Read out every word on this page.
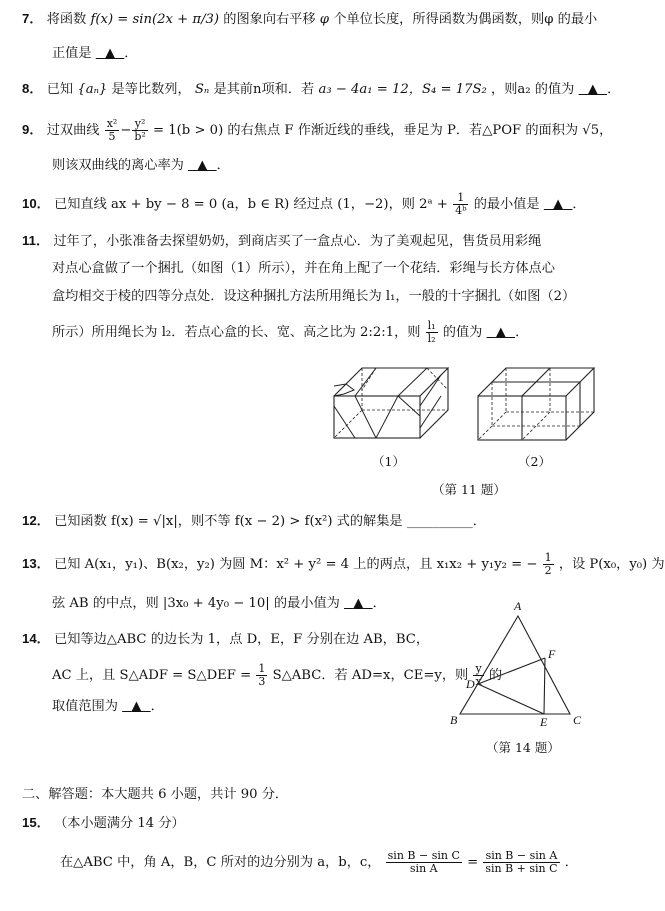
7． 将函数 f(x) = sin(2x + π/3) 的图象向右平移 φ 个单位长度，所得函数为偶函数，则φ 的最小
正值是 ▲ ．
8． 已知 {aₙ} 是等比数列， Sₙ 是其前n项和．若 a₃ − 4a₁ = 12，S₄ = 17S₂ ，则a₂ 的值为 ▲ ．
9． 过双曲线 $\frac{\text{x²}}{5} - \frac{\text{y²}}{\text{b²}} = 1(b > 0)$ 的右焦点 F 作渐近线的垂线，垂足为 P．若△POF 的面积为 √5，
则该双曲线的离心率为 ▲ ．
10． 已知直线 ax + by − 8 = 0 (a，b ∈ R) 经过点 (1，−2)，则 2ᵃ + $\frac{1}{\text{4ᵇ}}$ 的最小值是 ▲ ．
11． 过年了，小张准备去探望奶奶，到商店买了一盒点心．为了美观起见，售货员用彩绳
对点心盒做了一个捆扎（如图（1）所示），并在角上配了一个花结．彩绳与长方体点心
盒均相交于棱的四等分点处．设这种捆扎方法所用绳长为 l₁，一般的十字捆扎（如图（2）
所示）所用绳长为 l₂．若点心盒的长、宽、高之比为 2:2:1，则 $\frac{\text{l₁}}{\text{l₂}}$ 的值为 ▲ ．
（1）	（2）
（第 11 题）
12． 已知函数 f(x) = √|x|，则不等 f(x − 2) > f(x²) 式的解集是 __________．
13． 已知 A(x₁，y₁)、B(x₂，y₂) 为圆 M：x² + y² = 4 上的两点，且 x₁x₂ + y₁y₂ = − $\frac{1}{2}$ ，设 P(x₀，y₀) 为
弦 AB 的中点，则 |3x₀ + 4y₀ − 10| 的最小值为 ▲ ．
14． 已知等边△ABC 的边长为 1，点 D，E，F 分别在边 AB，BC，
AC 上，且 S△ADF = S△DEF = $\frac{1}{3}$ S△ABC．若 AD=x，CE=y，则 $\frac{y}{x}$ 的
取值范围为 ▲ ．
A
B	C
D
E
F
（第 14 题）
二、解答题：本大题共 6 小题，共计 90 分．
15． （本小题满分 14 分）
在△ABC 中，角 A，B，C 所对的边分别为 a，b，c， $\frac{\text{sin B − sin C}}{\text{sin A}} = \frac{\text{sin B − sin A}}{\text{sin B + sin C}}$ ．
